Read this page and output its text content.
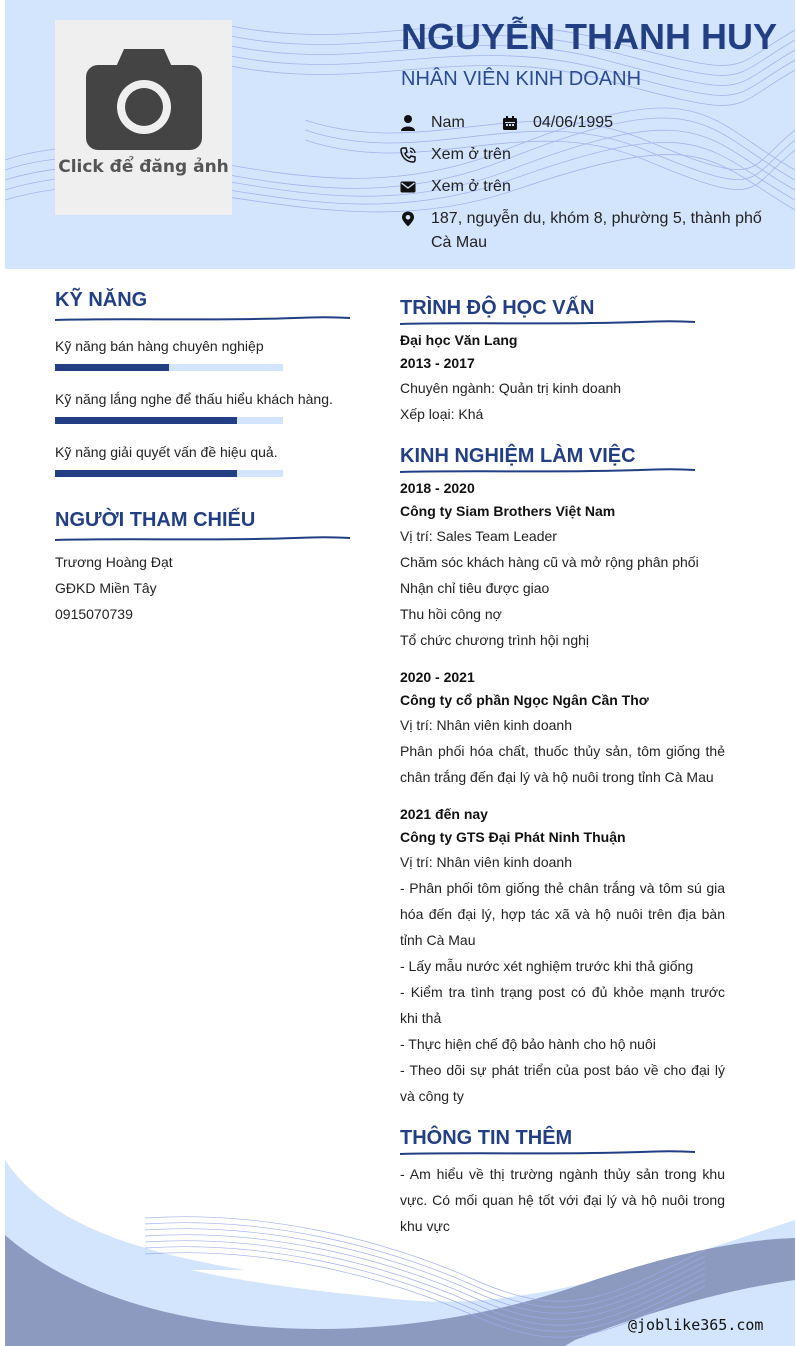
Click để đăng ảnh
NGUYỄN THANH HUY
NHÂN VIÊN KINH DOANH
Nam	04/06/1995
Xem ở trên
Xem ở trên
187, nguyễn du, khóm 8, phường 5, thành phố
Cà Mau
KỸ NĂNG
Kỹ năng bán hàng chuyên nghiệp
Kỹ năng lắng nghe để thấu hiểu khách hàng.
Kỹ năng giải quyết vấn đề hiệu quả.
NGƯỜI THAM CHIẾU
Trương Hoàng Đạt
GĐKD Miền Tây
0915070739
TRÌNH ĐỘ HỌC VẤN
Đại học Văn Lang
2013 - 2017
Chuyên ngành: Quản trị kinh doanh
Xếp loại: Khá
KINH NGHIỆM LÀM VIỆC
2018 - 2020
Công ty Siam Brothers Việt Nam
Vị trí: Sales Team Leader
Chăm sóc khách hàng cũ và mở rộng phân phối
Nhận chỉ tiêu được giao
Thu hồi công nợ
Tổ chức chương trình hội nghị
2020 - 2021
Công ty cổ phần Ngọc Ngân Cần Thơ
Vị trí: Nhân viên kinh doanh
Phân phối hóa chất, thuốc thủy sản, tôm giống thẻ chân trắng đến đại lý và hộ nuôi trong tỉnh Cà Mau
2021 đến nay
Công ty GTS Đại Phát Ninh Thuận
Vị trí: Nhân viên kinh doanh
- Phân phối tôm giống thẻ chân trắng và tôm sú gia hóa đến đại lý, hợp tác xã và hộ nuôi trên địa bàn tỉnh Cà Mau
- Lấy mẫu nước xét nghiệm trước khi thả giống
- Kiểm tra tình trạng post có đủ khỏe mạnh trước khi thả
- Thực hiện chế độ bảo hành cho hộ nuôi
- Theo dõi sự phát triển của post báo về cho đại lý và công ty
THÔNG TIN THÊM
- Am hiểu về thị trường ngành thủy sản trong khu vực. Có mối quan hệ tốt với đại lý và hộ nuôi trong khu vực
@joblike365.com
